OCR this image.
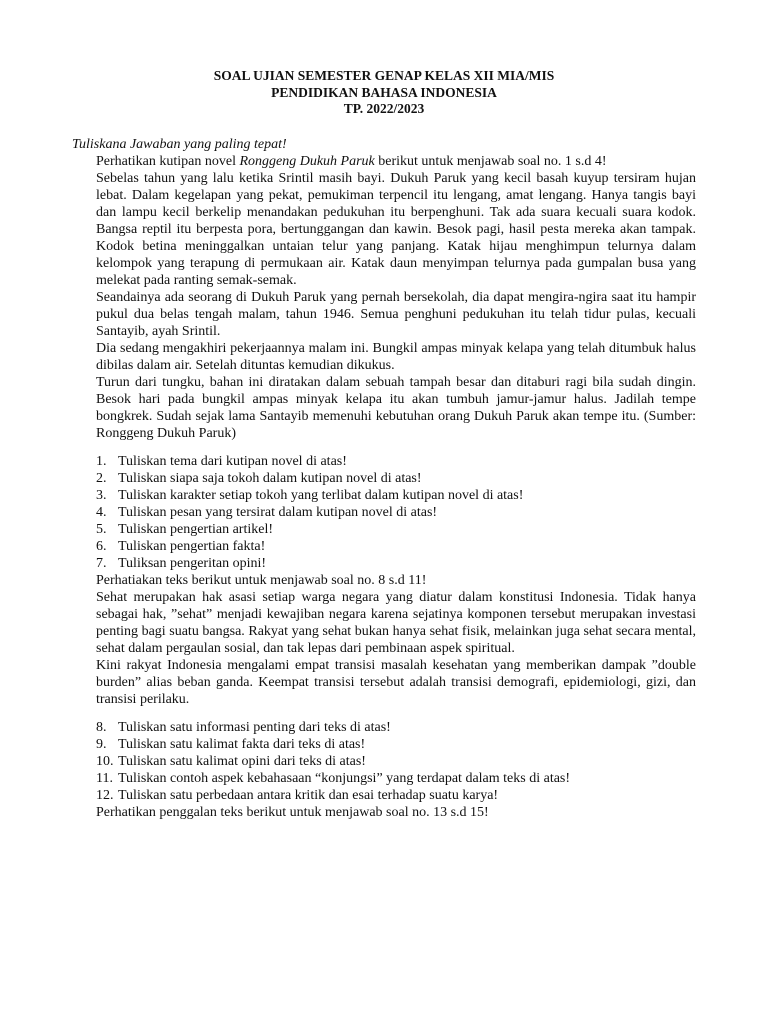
SOAL UJIAN SEMESTER GENAP KELAS XII MIA/MIS
PENDIDIKAN BAHASA INDONESIA
TP. 2022/2023
Tuliskana Jawaban yang paling tepat!

Perhatikan kutipan novel Ronggeng Dukuh Paruk berikut untuk menjawab soal no. 1 s.d 4!

Sebelas tahun yang lalu ketika Srintil masih bayi. Dukuh Paruk yang kecil basah kuyup tersiram hujan lebat. Dalam kegelapan yang pekat, pemukiman terpencil itu lengang, amat lengang. Hanya tangis bayi dan lampu kecil berkelip menandakan pedukuhan itu berpenghuni. Tak ada suara kecuali suara kodok. Bangsa reptil itu berpesta pora, bertunggangan dan kawin. Besok pagi, hasil pesta mereka akan tampak. Kodok betina meninggalkan untaian telur yang panjang. Katak hijau menghimpun telurnya dalam kelompok yang terapung di permukaan air. Katak daun menyimpan telurnya pada gumpalan busa yang melekat pada ranting semak-semak.

Seandainya ada seorang di Dukuh Paruk yang pernah bersekolah, dia dapat mengira-ngira saat itu hampir pukul dua belas tengah malam, tahun 1946. Semua penghuni pedukuhan itu telah tidur pulas, kecuali Santayib, ayah Srintil.

Dia sedang mengakhiri pekerjaannya malam ini. Bungkil ampas minyak kelapa yang telah ditumbuk halus dibilas dalam air. Setelah dituntas kemudian dikukus.

Turun dari tungku, bahan ini diratakan dalam sebuah tampah besar dan ditaburi ragi bila sudah dingin. Besok hari pada bungkil ampas minyak kelapa itu akan tumbuh jamur-jamur halus. Jadilah tempe bongkrek. Sudah sejak lama Santayib memenuhi kebutuhan orang Dukuh Paruk akan tempe itu. (Sumber: Ronggeng Dukuh Paruk)

1. Tuliskan tema dari kutipan novel di atas!
2. Tuliskan siapa saja tokoh dalam kutipan novel di atas!
3. Tuliskan karakter setiap tokoh yang terlibat dalam kutipan novel di atas!
4. Tuliskan pesan yang tersirat dalam kutipan novel di atas!
5. Tuliskan pengertian artikel!
6. Tuliskan pengertian fakta!
7. Tuliksan pengeritan opini!

Perhatiakan teks berikut untuk menjawab soal no. 8 s.d 11!

Sehat merupakan hak asasi setiap warga negara yang diatur dalam konstitusi Indonesia. Tidak hanya sebagai hak, ”sehat” menjadi kewajiban negara karena sejatinya komponen tersebut merupakan investasi penting bagi suatu bangsa. Rakyat yang sehat bukan hanya sehat fisik, melainkan juga sehat secara mental, sehat dalam pergaulan sosial, dan tak lepas dari pembinaan aspek spiritual.

Kini rakyat Indonesia mengalami empat transisi masalah kesehatan yang memberikan dampak ”double burden” alias beban ganda. Keempat transisi tersebut adalah transisi demografi, epidemiologi, gizi, dan transisi perilaku.

8. Tuliskan satu informasi penting dari teks di atas!
9. Tuliskan satu kalimat fakta dari teks di atas!
10. Tuliskan satu kalimat opini dari teks di atas!
11. Tuliskan contoh aspek kebahasaan “konjungsi” yang terdapat dalam teks di atas!
12. Tuliskan satu perbedaan antara kritik dan esai terhadap suatu karya!

Perhatikan penggalan teks berikut untuk menjawab soal no. 13 s.d 15!
